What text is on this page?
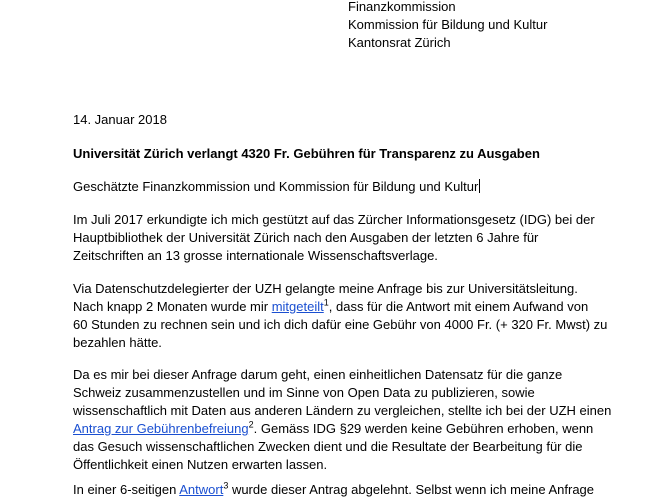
Finanzkommission
Kommission für Bildung und Kultur
Kantonsrat Zürich
14. Januar 2018
Universität Zürich verlangt 4320 Fr. Gebühren für Transparenz zu Ausgaben
Geschätzte Finanzkommission und Kommission für Bildung und Kultur
Im Juli 2017 erkundigte ich mich gestützt auf das Zürcher Informationsgesetz (IDG) bei der
Hauptbibliothek der Universität Zürich nach den Ausgaben der letzten 6 Jahre für
Zeitschriften an 13 grosse internationale Wissenschaftsverlage.
Via Datenschutzdelegierter der UZH gelangte meine Anfrage bis zur Universitätsleitung.
Nach knapp 2 Monaten wurde mir mitgeteilt$^1$, dass für die Antwort mit einem Aufwand von
60 Stunden zu rechnen sein und ich dich dafür eine Gebühr von 4000 Fr. (+ 320 Fr. Mwst) zu
bezahlen hätte.
Da es mir bei dieser Anfrage darum geht, einen einheitlichen Datensatz für die ganze
Schweiz zusammenzustellen und im Sinne von Open Data zu publizieren, sowie
wissenschaftlich mit Daten aus anderen Ländern zu vergleichen, stellte ich bei der UZH einen
Antrag zur Gebührenbefreiung$^2$. Gemäss IDG §29 werden keine Gebühren erhoben, wenn
das Gesuch wissenschaftlichen Zwecken dient und die Resultate der Bearbeitung für die
Öffentlichkeit einen Nutzen erwarten lassen.
In einer 6-seitigen Antwort$^3$ wurde dieser Antrag abgelehnt. Selbst wenn ich meine Anfrage
